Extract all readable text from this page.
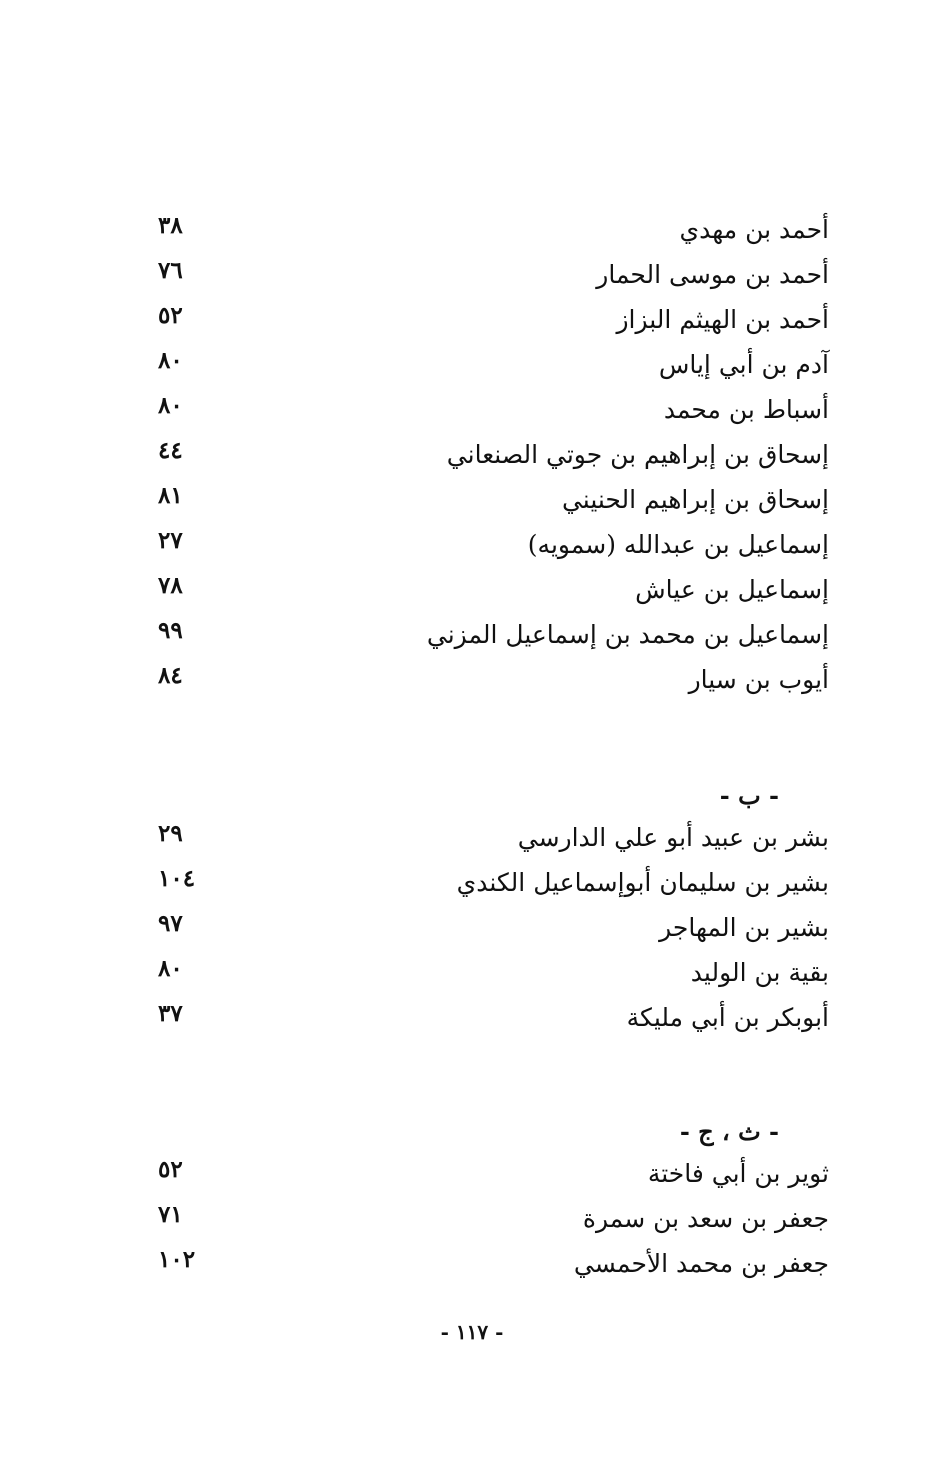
أحمد بن مهدي
٣٨
أحمد بن موسى الحمار
٧٦
أحمد بن الهيثم البزاز
٥٢
آدم بن أبي إياس
٨٠
أسباط بن محمد
٨٠
إسحاق بن إبراهيم بن جوتي الصنعاني
٤٤
إسحاق بن إبراهيم الحنيني
٨١
إسماعيل بن عبدالله (سمويه)
٢٧
إسماعيل بن عياش
٧٨
إسماعيل بن محمد بن إسماعيل المزني
٩٩
أيوب بن سيار
٨٤
- ب -
بشر بن عبيد أبو علي الدارسي
٢٩
بشير بن سليمان أبوإسماعيل الكندي
١٠٤
بشير بن المهاجر
٩٧
بقية بن الوليد
٨٠
أبوبكر بن أبي مليكة
٣٧
- ث ، ج -
ثوير بن أبي فاختة
٥٢
جعفر بن سعد بن سمرة
٧١
جعفر بن محمد الأحمسي
١٠٢
- ١١٧ -
